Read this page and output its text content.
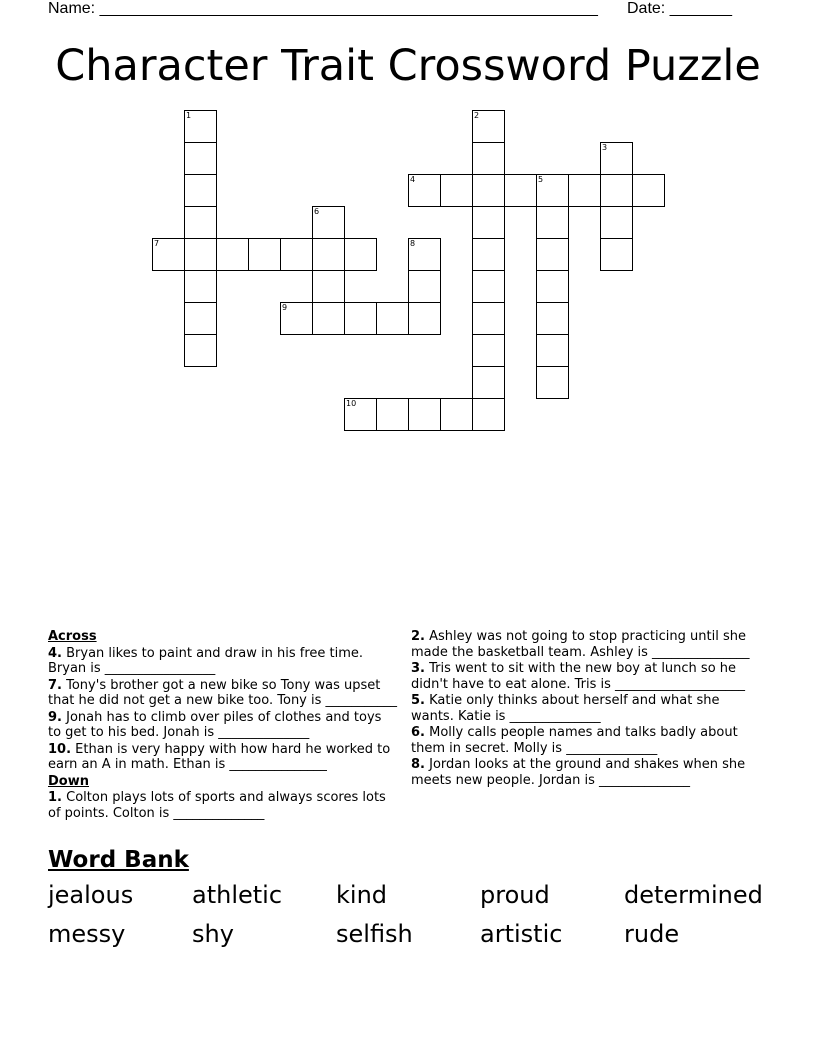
Name: ________________________________________________________ Date: _______
Character Trait Crossword Puzzle
1	2
3
4	5
6
7	8
9
10
Across
4. Bryan likes to paint and draw in his free time. Bryan is _________________
7. Tony's brother got a new bike so Tony was upset that he did not get a new bike too. Tony is ___________
9. Jonah has to climb over piles of clothes and toys to get to his bed. Jonah is ______________
10. Ethan is very happy with how hard he worked to earn an A in math. Ethan is _______________
Down
1. Colton plays lots of sports and always scores lots of points. Colton is ______________
2. Ashley was not going to stop practicing until she made the basketball team. Ashley is _______________
3. Tris went to sit with the new boy at lunch so he didn't have to eat alone. Tris is ____________________
5. Katie only thinks about herself and what she wants. Katie is ______________
6. Molly calls people names and talks badly about them in secret. Molly is ______________
8. Jordan looks at the ground and shakes when she meets new people. Jordan is ______________
Word Bank
jealous athletic kind	proud	determined
messy	shy	selfish	artistic	rude
